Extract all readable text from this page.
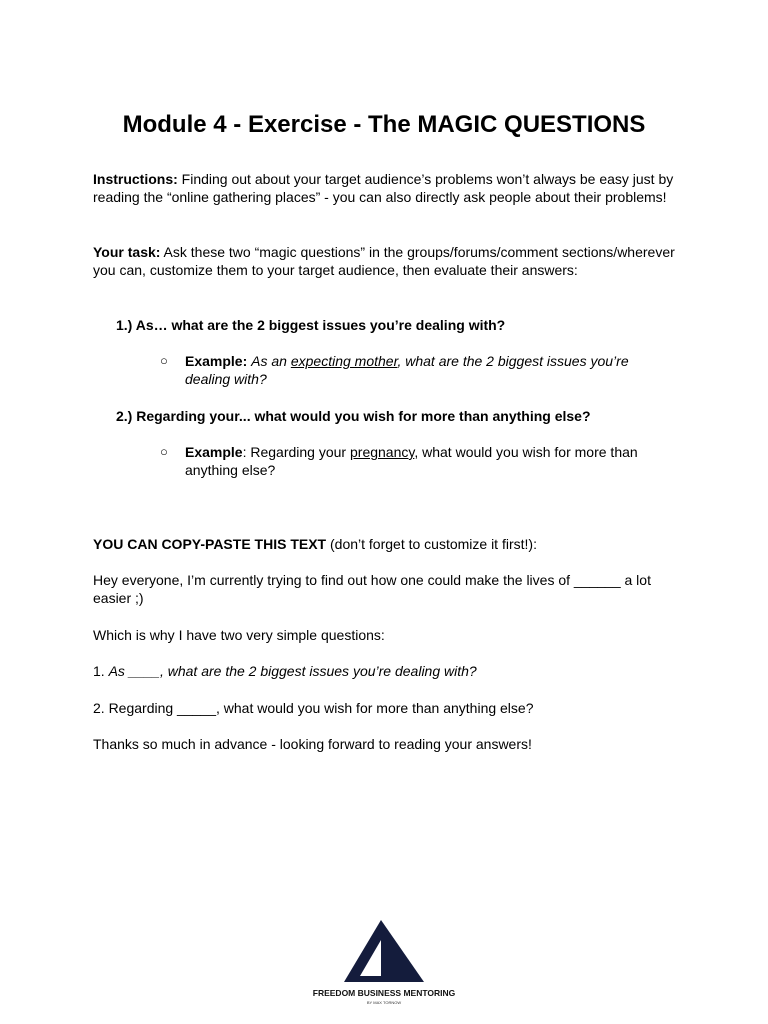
Module 4 - Exercise - The MAGIC QUESTIONS
Instructions: Finding out about your target audience’s problems won’t always be easy just by reading the “online gathering places” - you can also directly ask people about their problems!
Your task: Ask these two “magic questions” in the groups/forums/comment sections/wherever you can, customize them to your target audience, then evaluate their answers:
1.) As… what are the 2 biggest issues you’re dealing with?
○ Example: As an expecting mother, what are the 2 biggest issues you’re dealing with?
2.) Regarding your... what would you wish for more than anything else?
○ Example: Regarding your pregnancy, what would you wish for more than anything else?
YOU CAN COPY-PASTE THIS TEXT (don’t forget to customize it first!):
Hey everyone, I’m currently trying to find out how one could make the lives of ______ a lot easier ;)
Which is why I have two very simple questions:
1. As ____, what are the 2 biggest issues you’re dealing with?
2. Regarding _____, what would you wish for more than anything else?
Thanks so much in advance - looking forward to reading your answers!
FREEDOM BUSINESS MENTORING
BY MAX TORNOW
